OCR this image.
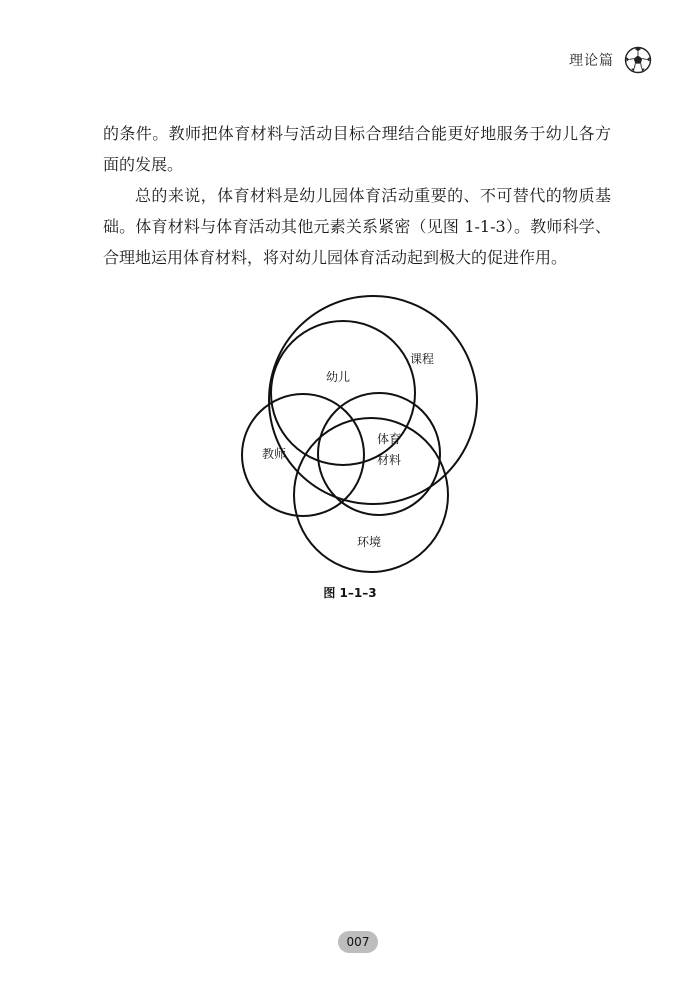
理论篇

的条件。教师把体育材料与活动目标合理结合能更好地服务于幼儿各方面的发展。

总的来说，体育材料是幼儿园体育活动重要的、不可替代的物质基础。体育材料与体育活动其他元素关系紧密（见图 1-1-3）。教师科学、合理地运用体育材料，将对幼儿园体育活动起到极大的促进作用。

课程
幼儿
教师
体育
材料
环境
图 1–1–3
007
